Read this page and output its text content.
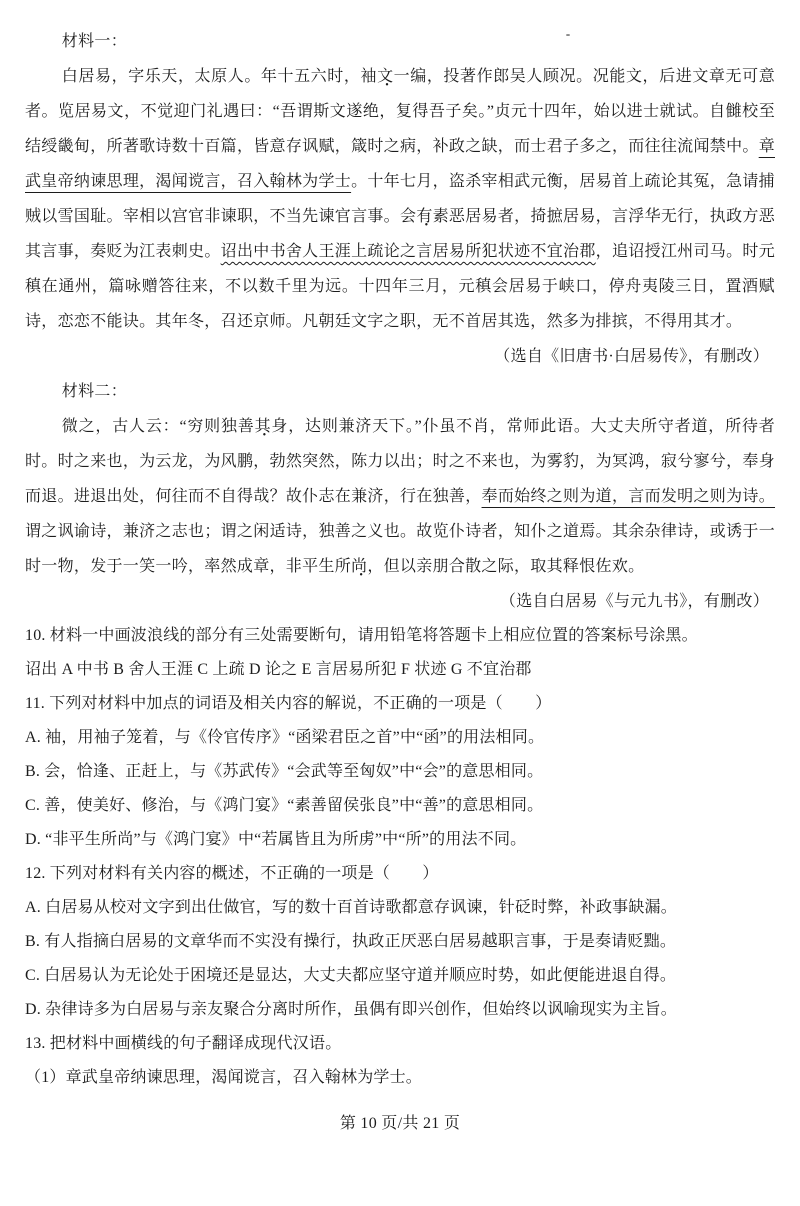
材料一：

白居易，字乐天，太原人。年十五六时，袖文一编，投著作郎吴人顾况。况能文，后进文章无可意者。览居易文，不觉迎门礼遇曰：“吾谓斯文遂绝，复得吾子矣。”贞元十四年，始以进士就试。自雠校至结绶畿甸，所著歌诗数十百篇，皆意存讽赋，箴时之病，补政之缺，而士君子多之，而往往流闻禁中。章武皇帝纳谏思理，渴闻谠言，召入翰林为学士。十年七月，盗杀宰相武元衡，居易首上疏论其冤，急请捕贼以雪国耻。宰相以宫官非谏职，不当先谏官言事。会有素恶居易者，掎摭居易，言浮华无行，执政方恶其言事，奏贬为江表刺史。诏出中书舍人王涯上疏论之言居易所犯状迹不宜治郡，追诏授江州司马。时元稹在通州，篇咏赠答往来，不以数千里为远。十四年三月，元稹会居易于峡口，停舟夷陵三日，置酒赋诗，恋恋不能诀。其年冬，召还京师。凡朝廷文字之职，无不首居其选，然多为排摈，不得用其才。

（选自《旧唐书·白居易传》，有删改）

材料二：

微之，古人云：“穷则独善其身，达则兼济天下。”仆虽不肖，常师此语。大丈夫所守者道，所待者时。时之来也，为云龙，为风鹏，勃然突然，陈力以出；时之不来也，为雾豹，为冥鸿，寂兮寥兮，奉身而退。进退出处，何往而不自得哉？故仆志在兼济，行在独善，奉而始终之则为道，言而发明之则为诗。谓之讽谕诗，兼济之志也；谓之闲适诗，独善之义也。故览仆诗者，知仆之道焉。其余杂律诗，或诱于一时一物，发于一笑一吟，率然成章，非平生所尚，但以亲朋合散之际，取其释恨佐欢。

（选自白居易《与元九书》，有删改）

10. 材料一中画波浪线的部分有三处需要断句，请用铅笔将答题卡上相应位置的答案标号涂黑。

诏出 A 中书 B 舍人王涯 C 上疏 D 论之 E 言居易所犯 F 状迹 G 不宜治郡

11. 下列对材料中加点的词语及相关内容的解说，不正确的一项是（　　）

A. 袖，用袖子笼着，与《伶官传序》“函梁君臣之首”中“函”的用法相同。

B. 会，恰逢、正赶上，与《苏武传》“会武等至匈奴”中“会”的意思相同。

C. 善，使美好、修治，与《鸿门宴》“素善留侯张良”中“善”的意思相同。

D. “非平生所尚”与《鸿门宴》中“若属皆且为所虏”中“所”的用法不同。

12. 下列对材料有关内容的概述，不正确的一项是（　　）

A. 白居易从校对文字到出仕做官，写的数十百首诗歌都意存讽谏，针砭时弊，补政事缺漏。

B. 有人指摘白居易的文章华而不实没有操行，执政正厌恶白居易越职言事，于是奏请贬黜。

C. 白居易认为无论处于困境还是显达，大丈夫都应坚守道并顺应时势，如此便能进退自得。

D. 杂律诗多为白居易与亲友聚合分离时所作，虽偶有即兴创作，但始终以讽喻现实为主旨。

13. 把材料中画横线的句子翻译成现代汉语。

（1）章武皇帝纳谏思理，渴闻谠言，召入翰林为学士。

第 10 页/共 21 页
